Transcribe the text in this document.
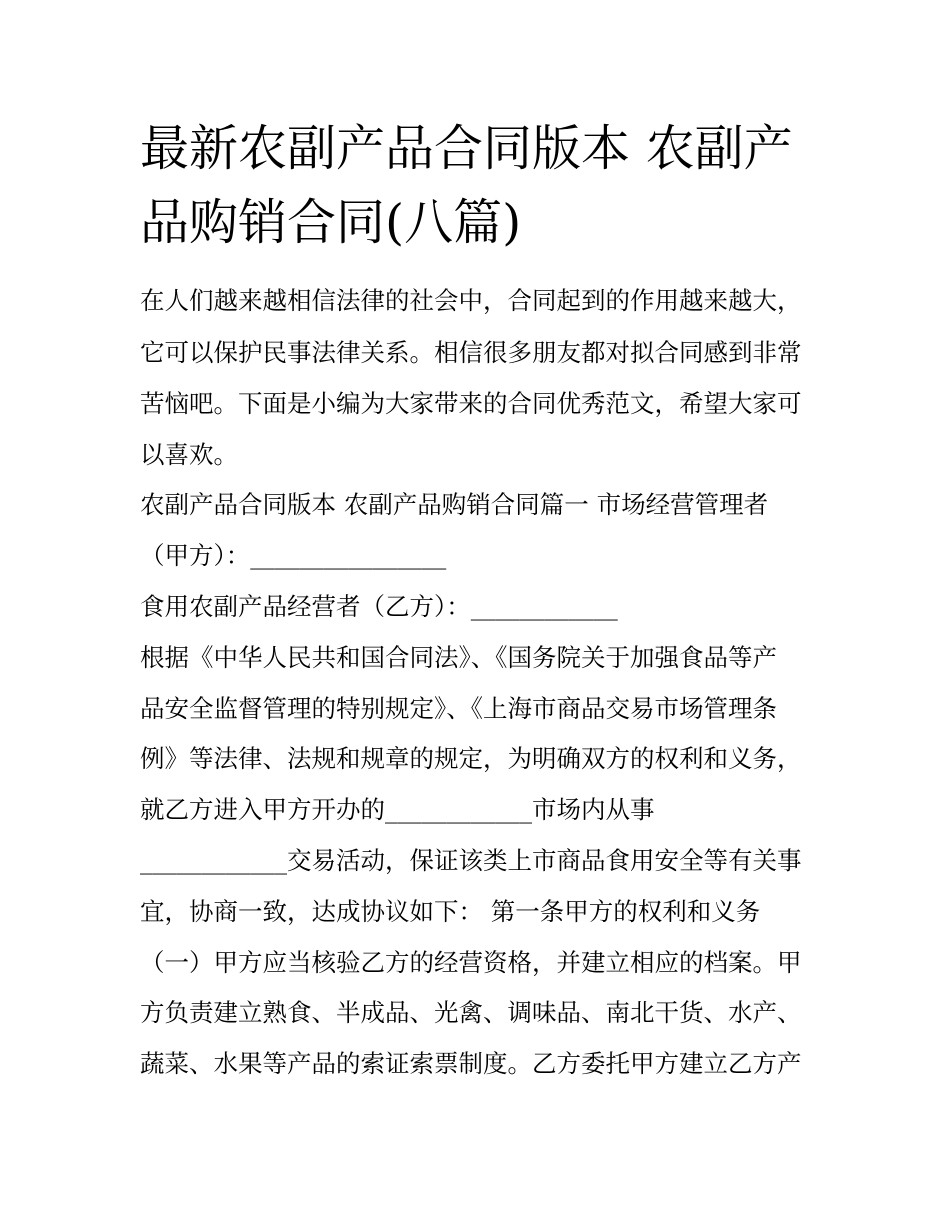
最新农副产品合同版本 农副产
品购销合同(八篇)

在人们越来越相信法律的社会中，合同起到的作用越来越大，

它可以保护民事法律关系。相信很多朋友都对拟合同感到非常

苦恼吧。下面是小编为大家带来的合同优秀范文，希望大家可

以喜欢。

农副产品合同版本 农副产品购销合同篇一 市场经营管理者

（甲方）：________________

食用农副产品经营者（乙方）：____________

根据《中华人民共和国合同法》、《国务院关于加强食品等产

品安全监督管理的特别规定》、《上海市商品交易市场管理条

例》等法律、法规和规章的规定，为明确双方的权利和义务，

就乙方进入甲方开办的____________市场内从事

____________交易活动，保证该类上市商品食用安全等有关事

宜，协商一致，达成协议如下： 第一条甲方的权利和义务

（一）甲方应当核验乙方的经营资格，并建立相应的档案。甲

方负责建立熟食、半成品、光禽、调味品、南北干货、水产、

蔬菜、水果等产品的索证索票制度。乙方委托甲方建立乙方产
